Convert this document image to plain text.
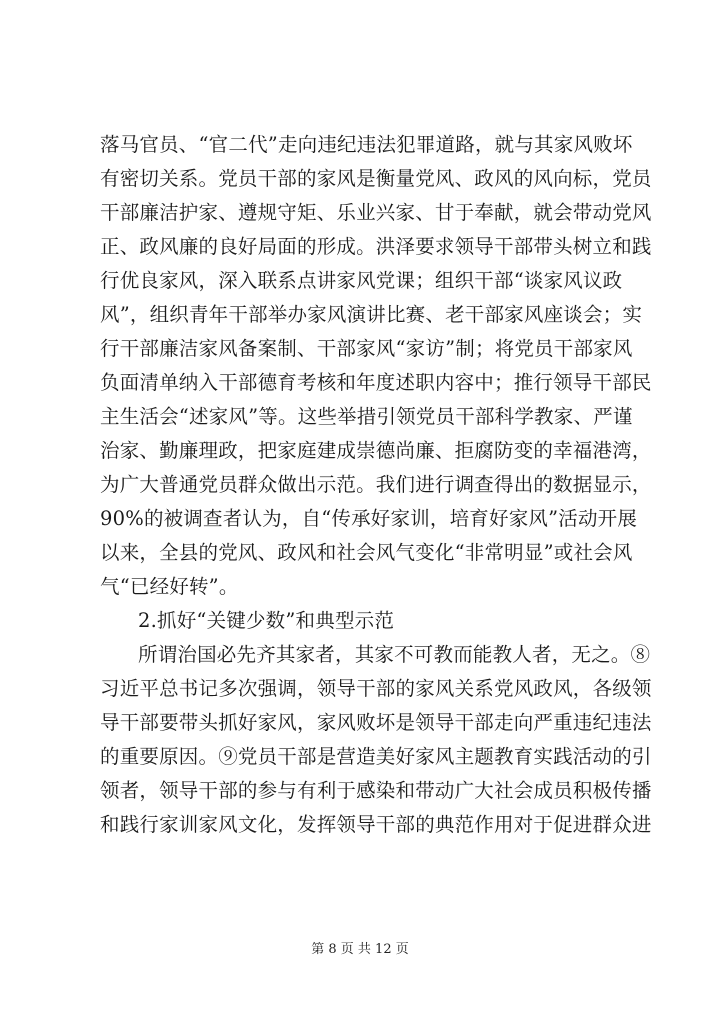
落马官员、“官二代”走向违纪违法犯罪道路，就与其家风败坏
有密切关系。党员干部的家风是衡量党风、政风的风向标，党员
干部廉洁护家、遵规守矩、乐业兴家、甘于奉献，就会带动党风
正、政风廉的良好局面的形成。洪泽要求领导干部带头树立和践
行优良家风，深入联系点讲家风党课；组织干部“谈家风议政
风”，组织青年干部举办家风演讲比赛、老干部家风座谈会；实
行干部廉洁家风备案制、干部家风“家访”制；将党员干部家风
负面清单纳入干部德育考核和年度述职内容中；推行领导干部民
主生活会“述家风”等。这些举措引领党员干部科学教家、严谨
治家、勤廉理政，把家庭建成崇德尚廉、拒腐防变的幸福港湾，
为广大普通党员群众做出示范。我们进行调查得出的数据显示，
90%的被调查者认为，自“传承好家训，培育好家风”活动开展
以来，全县的党风、政风和社会风气变化“非常明显”或社会风
气“已经好转”。
2.抓好“关键少数”和典型示范
所谓治国必先齐其家者，其家不可教而能教人者，无之。⑧
习近平总书记多次强调，领导干部的家风关系党风政风，各级领
导干部要带头抓好家风，家风败坏是领导干部走向严重违纪违法
的重要原因。⑨党员干部是营造美好家风主题教育实践活动的引
领者，领导干部的参与有利于感染和带动广大社会成员积极传播
和践行家训家风文化，发挥领导干部的典范作用对于促进群众进
第 8 页 共 12 页
